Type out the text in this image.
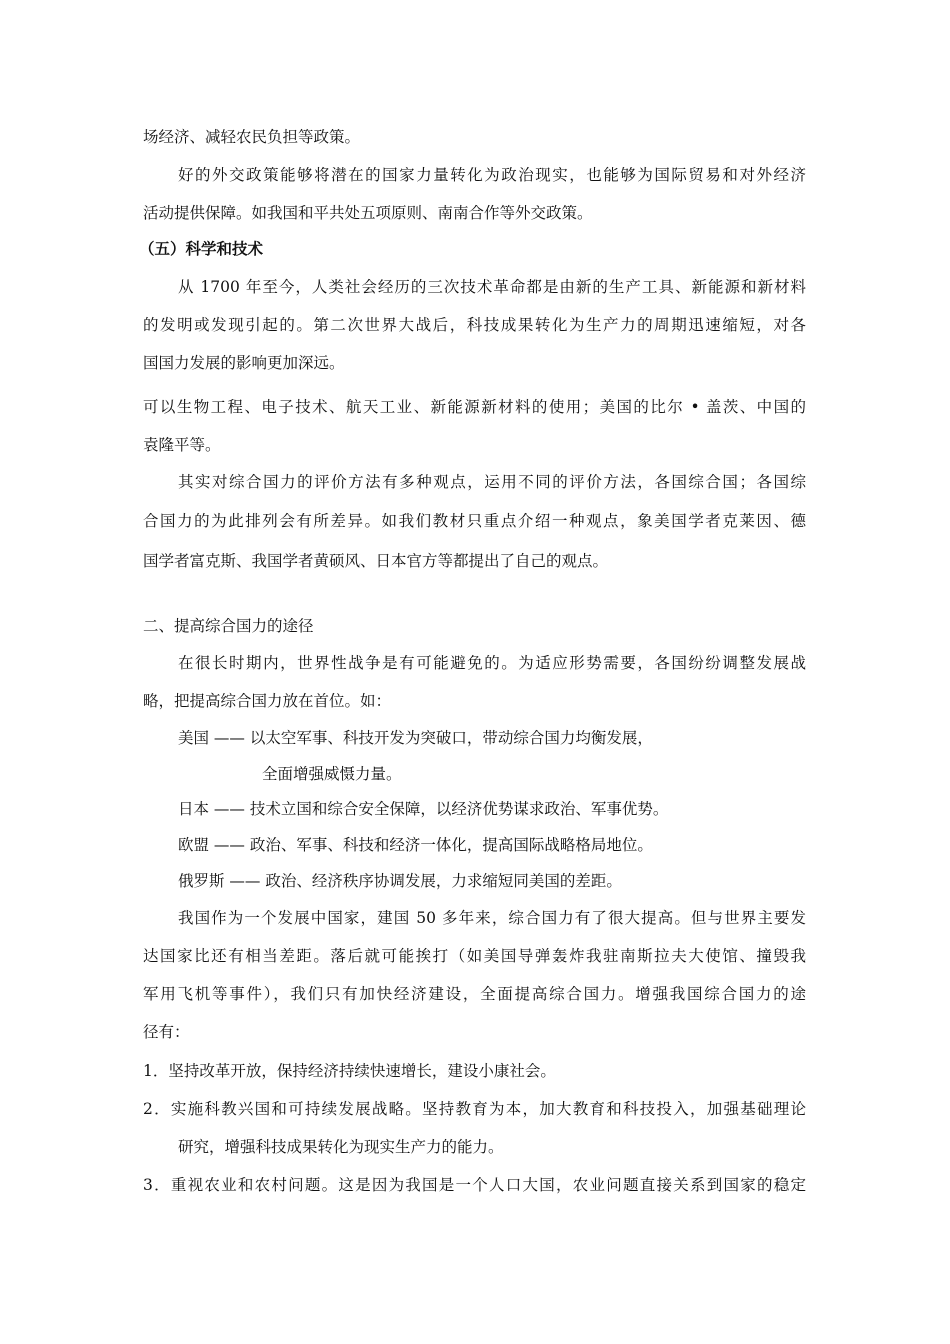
场经济、减轻农民负担等政策。
好的外交政策能够将潜在的国家力量转化为政治现实，也能够为国际贸易和对外经济
活动提供保障。如我国和平共处五项原则、南南合作等外交政策。
（五）科学和技术
从 1700 年至今，人类社会经历的三次技术革命都是由新的生产工具、新能源和新材料
的发明或发现引起的。第二次世界大战后，科技成果转化为生产力的周期迅速缩短，对各
国国力发展的影响更加深远。
可以生物工程、电子技术、航天工业、新能源新材料的使用；美国的比尔 • 盖茨、中国的
袁隆平等。
其实对综合国力的评价方法有多种观点，运用不同的评价方法，各国综合国；各国综
合国力的为此排列会有所差异。如我们教材只重点介绍一种观点，象美国学者克莱因、德
国学者富克斯、我国学者黄硕风、日本官方等都提出了自己的观点。
二、提高综合国力的途径
在很长时期内，世界性战争是有可能避免的。为适应形势需要，各国纷纷调整发展战
略，把提高综合国力放在首位。如：
美国 —— 以太空军事、科技开发为突破口，带动综合国力均衡发展，
全面增强威慑力量。
日本 —— 技术立国和综合安全保障，以经济优势谋求政治、军事优势。
欧盟 —— 政治、军事、科技和经济一体化，提高国际战略格局地位。
俄罗斯 —— 政治、经济秩序协调发展，力求缩短同美国的差距。
我国作为一个发展中国家，建国 50 多年来，综合国力有了很大提高。但与世界主要发
达国家比还有相当差距。落后就可能挨打（如美国导弹轰炸我驻南斯拉夫大使馆、撞毁我
军用飞机等事件），我们只有加快经济建设，全面提高综合国力。增强我国综合国力的途
径有：
1．坚持改革开放，保持经济持续快速增长，建设小康社会。
2．实施科教兴国和可持续发展战略。坚持教育为本，加大教育和科技投入，加强基础理论
研究，增强科技成果转化为现实生产力的能力。
3．重视农业和农村问题。这是因为我国是一个人口大国，农业问题直接关系到国家的稳定
